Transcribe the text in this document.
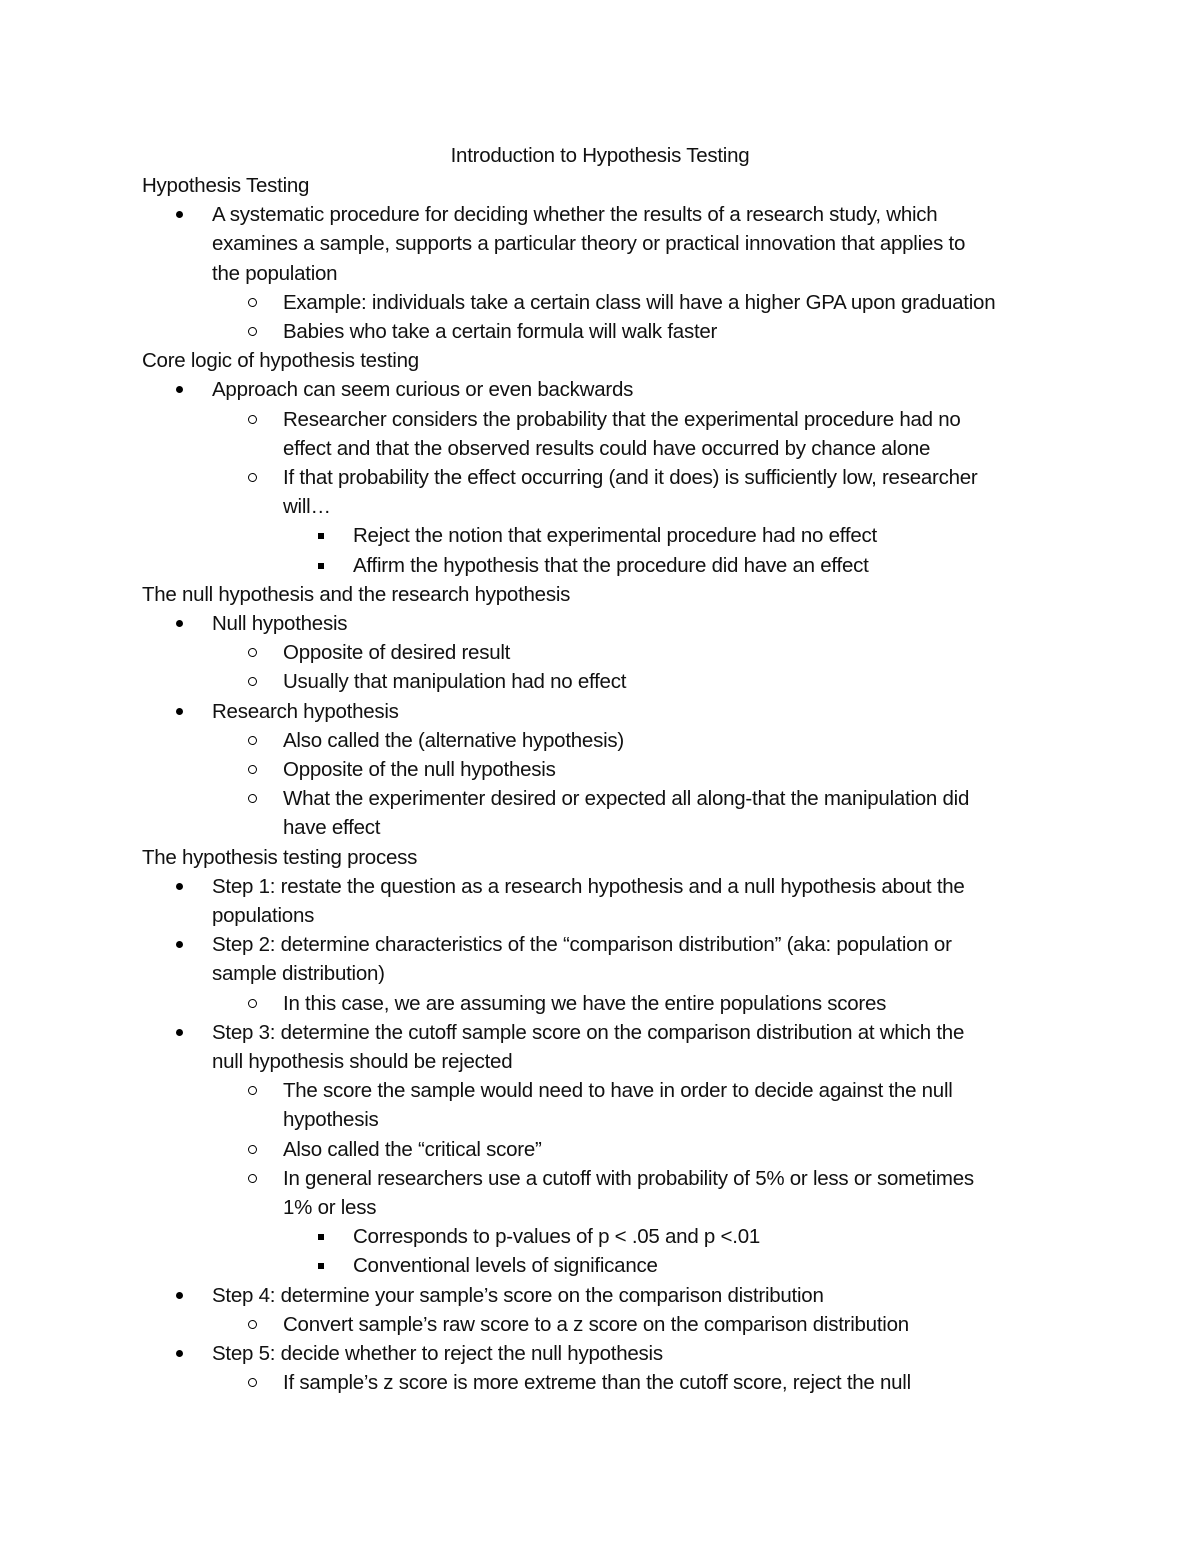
Introduction to Hypothesis Testing
Hypothesis Testing
A systematic procedure for deciding whether the results of a research study, which
examines a sample, supports a particular theory or practical innovation that applies to
the population
Example: individuals take a certain class will have a higher GPA upon graduation
Babies who take a certain formula will walk faster
Core logic of hypothesis testing
Approach can seem curious or even backwards
Researcher considers the probability that the experimental procedure had no
effect and that the observed results could have occurred by chance alone
If that probability the effect occurring (and it does) is sufficiently low, researcher
will…
Reject the notion that experimental procedure had no effect
Affirm the hypothesis that the procedure did have an effect
The null hypothesis and the research hypothesis
Null hypothesis
Opposite of desired result
Usually that manipulation had no effect
Research hypothesis
Also called the (alternative hypothesis)
Opposite of the null hypothesis
What the experimenter desired or expected all along-that the manipulation did
have effect
The hypothesis testing process
Step 1: restate the question as a research hypothesis and a null hypothesis about the
populations
Step 2: determine characteristics of the “comparison distribution” (aka: population or
sample distribution)
In this case, we are assuming we have the entire populations scores
Step 3: determine the cutoff sample score on the comparison distribution at which the
null hypothesis should be rejected
The score the sample would need to have in order to decide against the null
hypothesis
Also called the “critical score”
In general researchers use a cutoff with probability of 5% or less or sometimes
1% or less
Corresponds to p-values of p < .05 and p <.01
Conventional levels of significance
Step 4: determine your sample’s score on the comparison distribution
Convert sample’s raw score to a z score on the comparison distribution
Step 5: decide whether to reject the null hypothesis
If sample’s z score is more extreme than the cutoff score, reject the null
